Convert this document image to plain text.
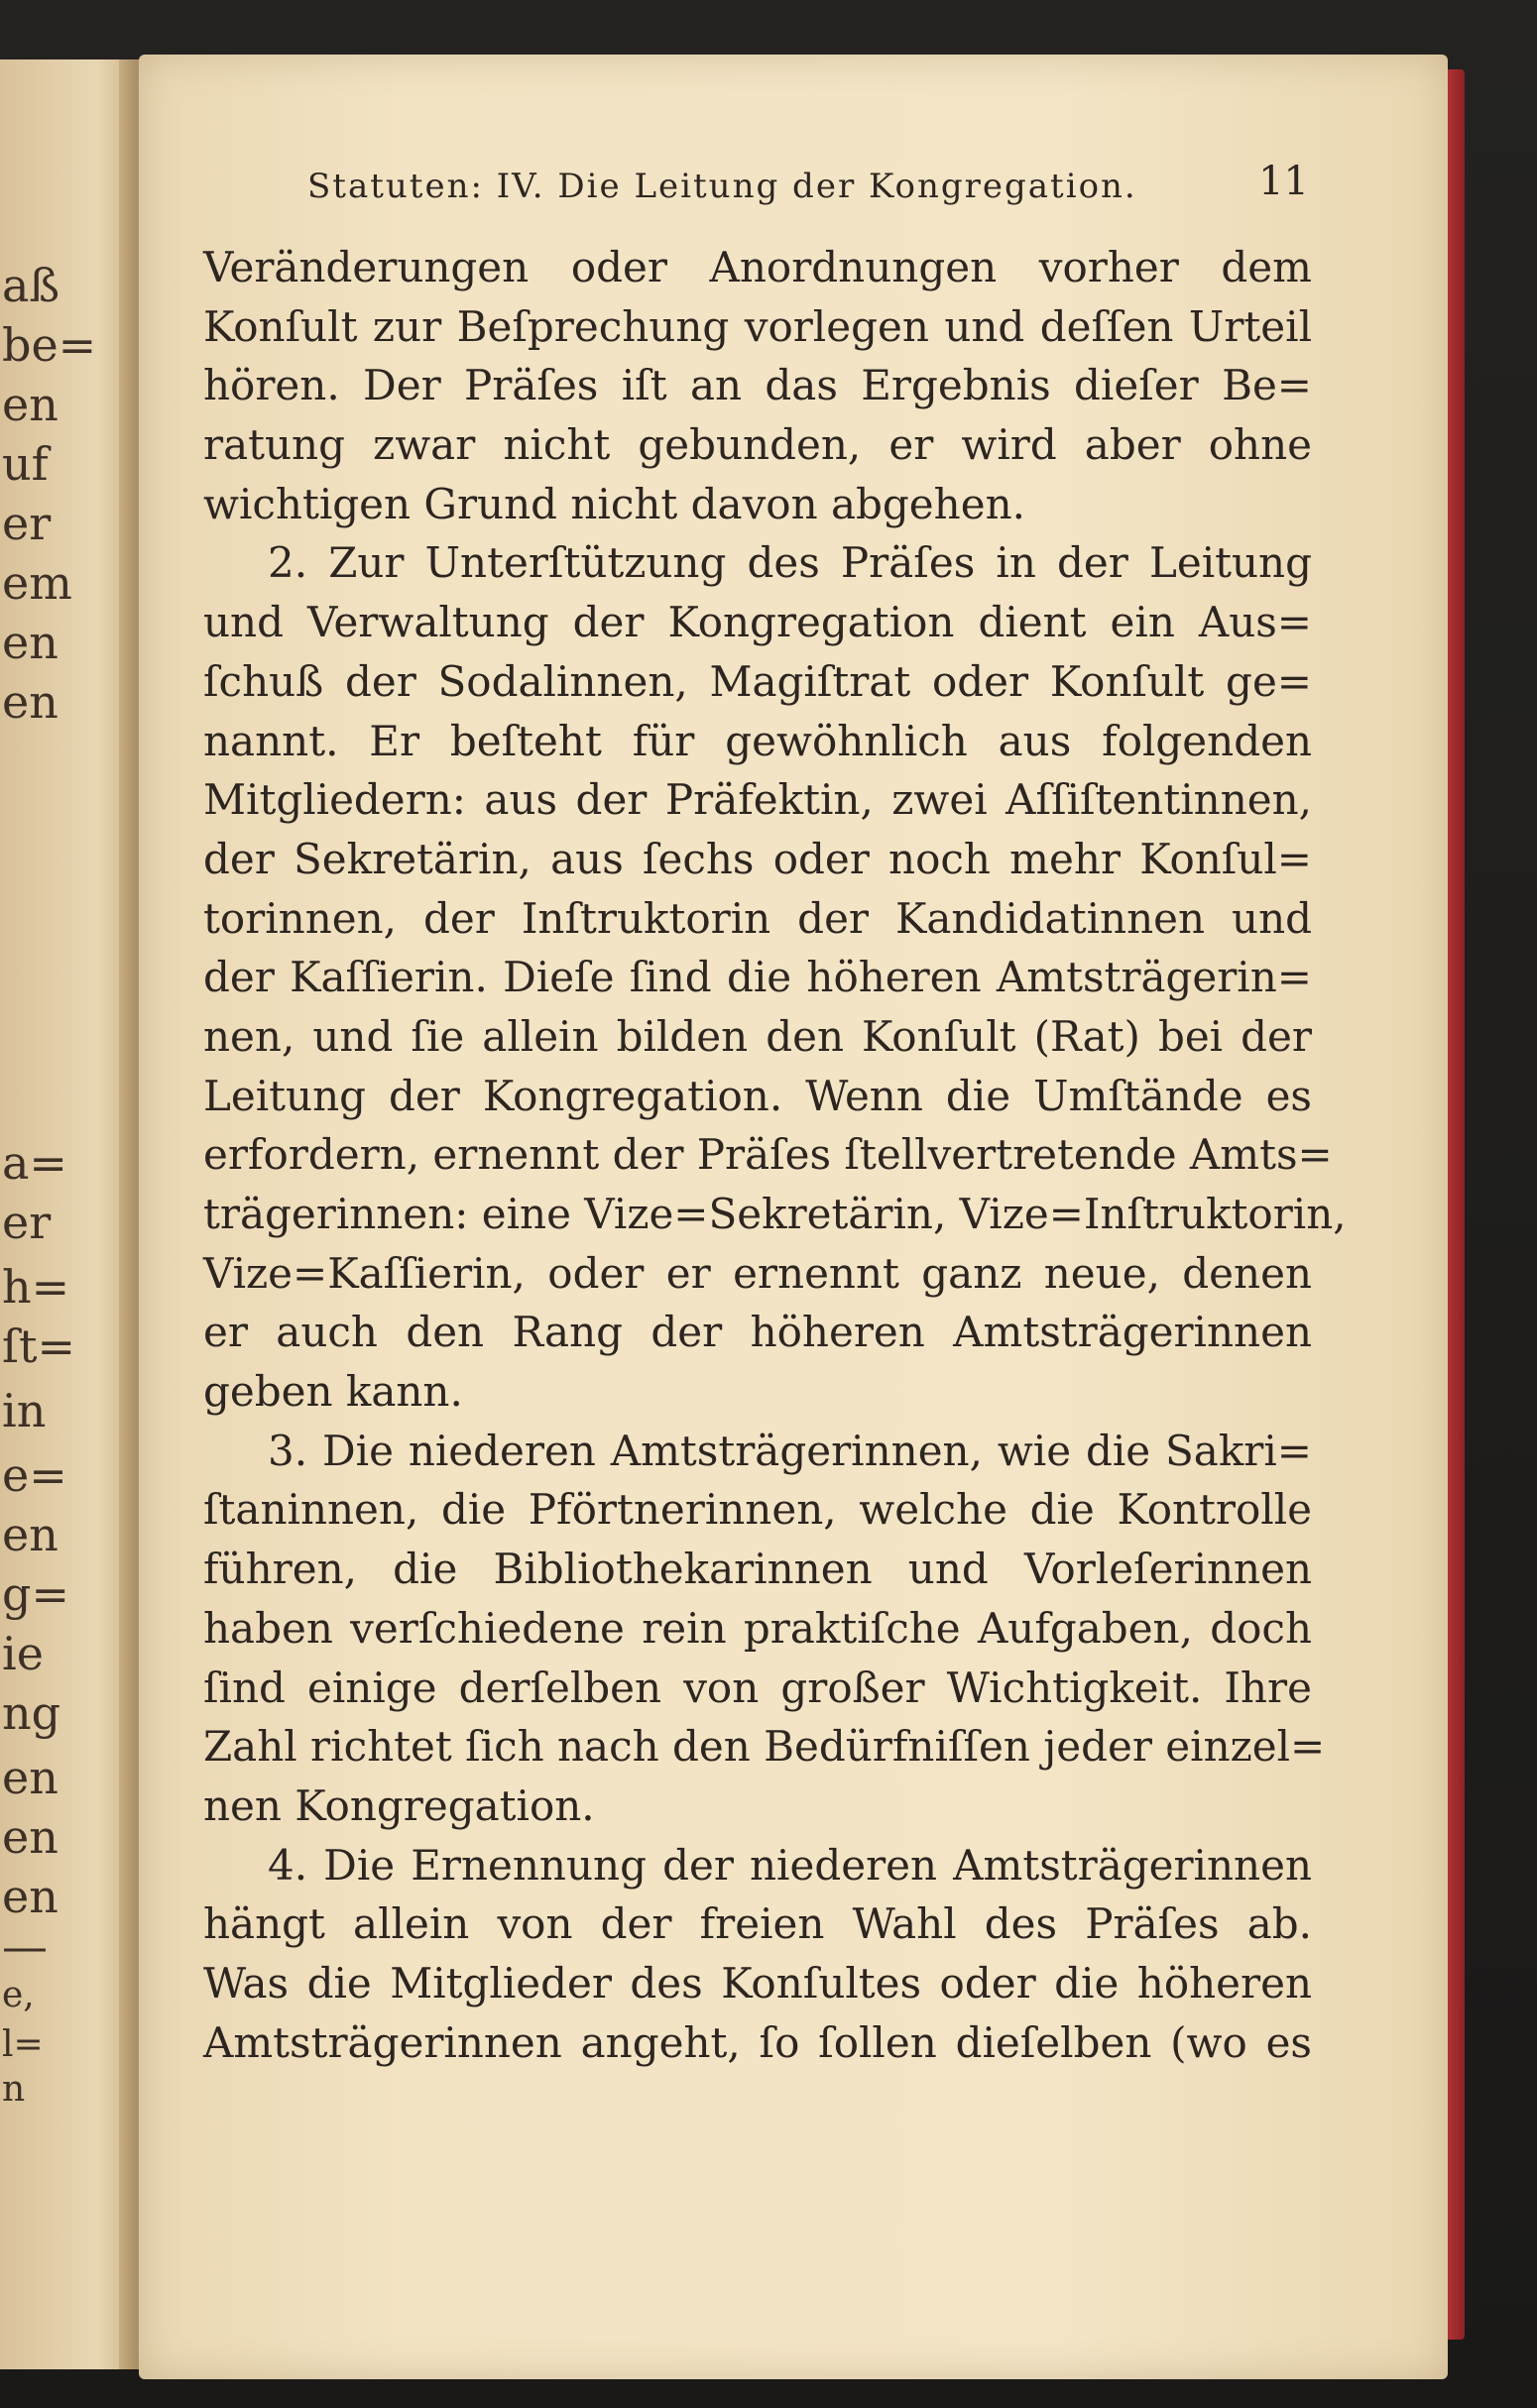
aß
be=
en
uf
er
em
en
en
a=
er
h=
ſt=
in
e=
en
g=
ie
ng
en
en
en
—
e,
l=
n
Statuten: IV. Die Leitung der Kongregation.	11
Veränderungen oder Anordnungen vorher dem
Konſult zur Beſprechung vorlegen und deſſen Urteil
hören. Der Präſes iſt an das Ergebnis dieſer Be=
ratung zwar nicht gebunden, er wird aber ohne
wichtigen Grund nicht davon abgehen.
2. Zur Unterſtützung des Präſes in der Leitung
und Verwaltung der Kongregation dient ein Aus=
ſchuß der Sodalinnen, Magiſtrat oder Konſult ge=
nannt. Er beſteht für gewöhnlich aus folgenden
Mitgliedern: aus der Präfektin, zwei Aſſiſtentinnen,
der Sekretärin, aus ſechs oder noch mehr Konſul=
torinnen, der Inſtruktorin der Kandidatinnen und
der Kaſſierin. Dieſe ſind die höheren Amtsträgerin=
nen, und ſie allein bilden den Konſult (Rat) bei der
Leitung der Kongregation. Wenn die Umſtände es
erfordern, ernennt der Präſes ſtellvertretende Amts=
trägerinnen: eine Vize=Sekretärin, Vize=Inſtruktorin,
Vize=Kaſſierin, oder er ernennt ganz neue, denen
er auch den Rang der höheren Amtsträgerinnen
geben kann.
3. Die niederen Amtsträgerinnen, wie die Sakri=
ſtaninnen, die Pförtnerinnen, welche die Kontrolle
führen, die Bibliothekarinnen und Vorleſerinnen
haben verſchiedene rein praktiſche Aufgaben, doch
ſind einige derſelben von großer Wichtigkeit. Ihre
Zahl richtet ſich nach den Bedürfniſſen jeder einzel=
nen Kongregation.
4. Die Ernennung der niederen Amtsträgerinnen
hängt allein von der freien Wahl des Präſes ab.
Was die Mitglieder des Konſultes oder die höheren
Amtsträgerinnen angeht, ſo ſollen dieſelben (wo es
